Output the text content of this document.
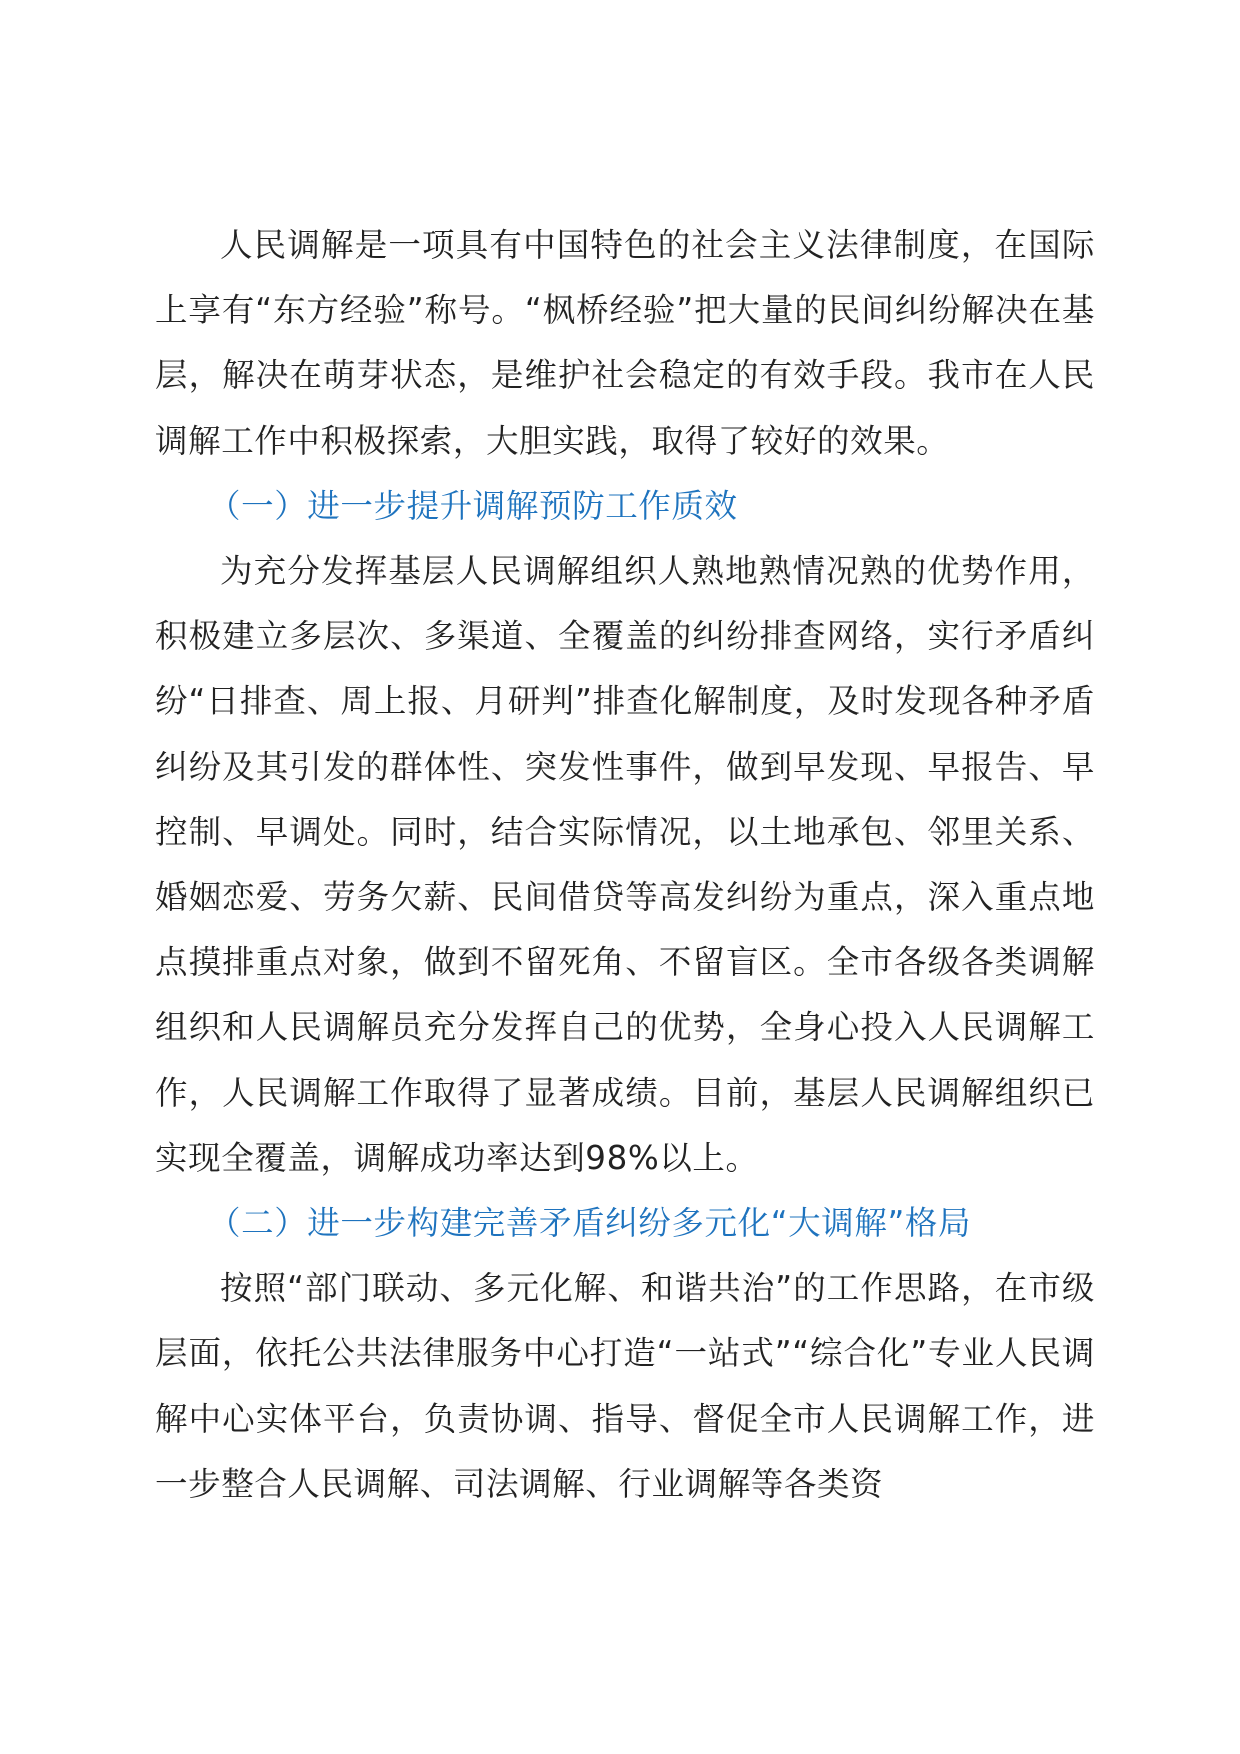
人民调解是一项具有中国特色的社会主义法律制度，在国际上享有“东方经验”称号。“枫桥经验”把大量的民间纠纷解决在基层，解决在萌芽状态，是维护社会稳定的有效手段。我市在人民调解工作中积极探索，大胆实践，取得了较好的效果。

（一）进一步提升调解预防工作质效

为充分发挥基层人民调解组织人熟地熟情况熟的优势作用，积极建立多层次、多渠道、全覆盖的纠纷排查网络，实行矛盾纠纷“日排查、周上报、月研判”排查化解制度，及时发现各种矛盾纠纷及其引发的群体性、突发性事件，做到早发现、早报告、早控制、早调处。同时，结合实际情况，以土地承包、邻里关系、婚姻恋爱、劳务欠薪、民间借贷等高发纠纷为重点，深入重点地点摸排重点对象，做到不留死角、不留盲区。全市各级各类调解组织和人民调解员充分发挥自己的优势，全身心投入人民调解工作，人民调解工作取得了显著成绩。目前，基层人民调解组织已实现全覆盖，调解成功率达到98%以上。

（二）进一步构建完善矛盾纠纷多元化“大调解”格局

按照“部门联动、多元化解、和谐共治”的工作思路，在市级层面，依托公共法律服务中心打造“一站式”“综合化”专业人民调解中心实体平台，负责协调、指导、督促全市人民调解工作，进一步整合人民调解、司法调解、行业调解等各类资
